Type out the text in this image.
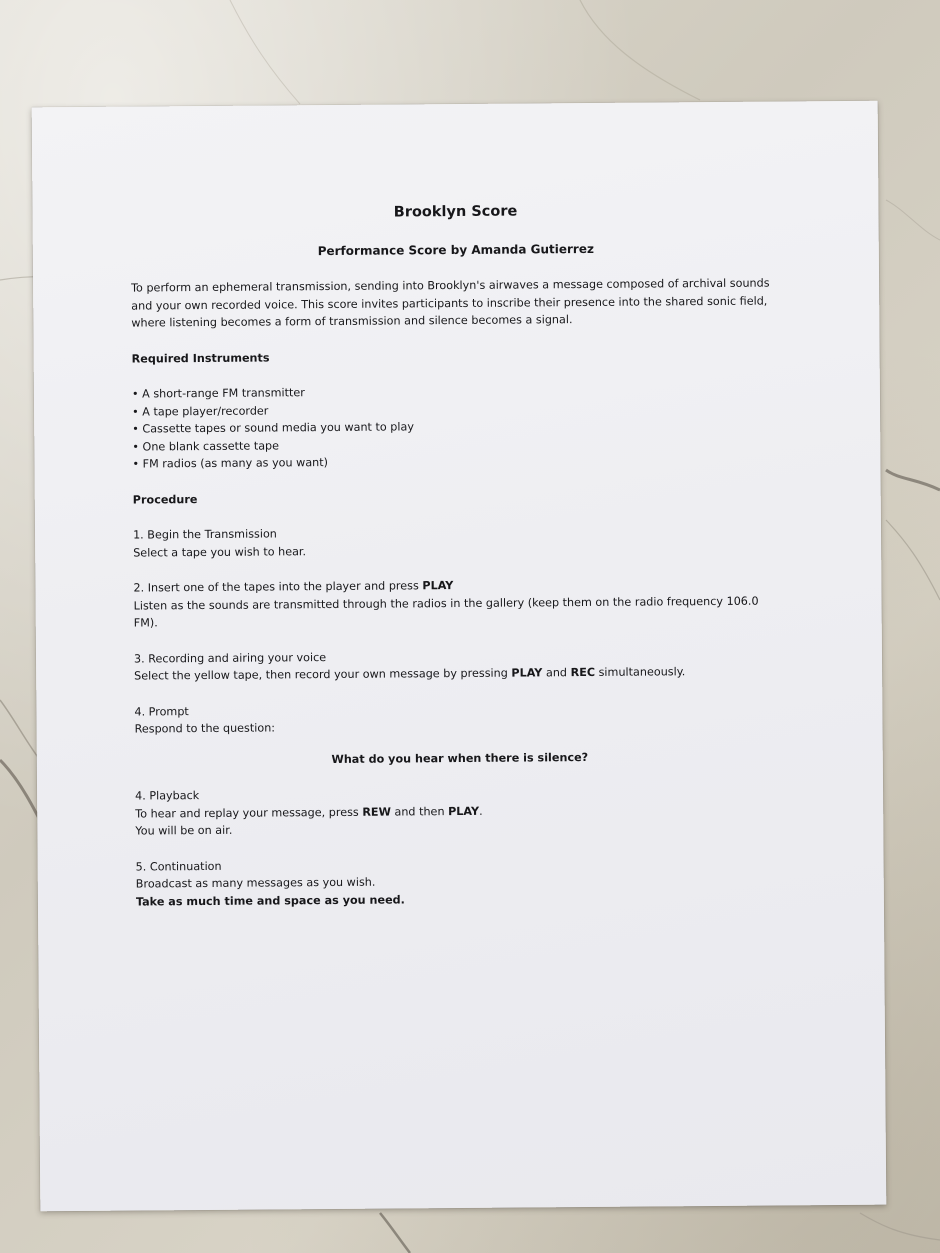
Brooklyn Score
Performance Score by Amanda Gutierrez

To perform an ephemeral transmission, sending into Brooklyn's airwaves a message composed of archival sounds and your own recorded voice. This score invites participants to inscribe their presence into the shared sonic field, where listening becomes a form of transmission and silence becomes a signal.

Required Instruments
• A short-range FM transmitter
• A tape player/recorder
• Cassette tapes or sound media you want to play
• One blank cassette tape
• FM radios (as many as you want)
Procedure
1. Begin the Transmission
Select a tape you wish to hear.
2. Insert one of the tapes into the player and press PLAY
Listen as the sounds are transmitted through the radios in the gallery (keep them on the radio frequency 106.0 FM).
3. Recording and airing your voice
Select the yellow tape, then record your own message by pressing PLAY and REC simultaneously.
4. Prompt
Respond to the question:
What do you hear when there is silence?
4. Playback
To hear and replay your message, press REW and then PLAY.
You will be on air.
5. Continuation
Broadcast as many messages as you wish.
Take as much time and space as you need.
